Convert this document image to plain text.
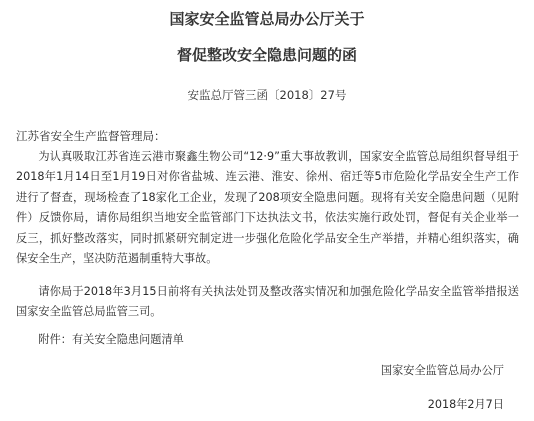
国家安全监管总局办公厅关于
督促整改安全隐患问题的函
安监总厅管三函〔2018〕27号
江苏省安全生产监督管理局：
为认真吸取江苏省连云港市聚鑫生物公司“12·9”重大事故教训，国家安全监管总局组织督导组于2018年1月14日至1月19日对你省盐城、连云港、淮安、徐州、宿迁等5市危险化学品安全生产工作进行了督查，现场检查了18家化工企业，发现了208项安全隐患问题。现将有关安全隐患问题（见附件）反馈你局，请你局组织当地安全监管部门下达执法文书，依法实施行政处罚，督促有关企业举一反三，抓好整改落实，同时抓紧研究制定进一步强化危险化学品安全生产举措，并精心组织落实，确保安全生产，坚决防范遏制重特大事故。
请你局于2018年3月15日前将有关执法处罚及整改落实情况和加强危险化学品安全监管举措报送国家安全监管总局监管三司。
附件：有关安全隐患问题清单
国家安全监管总局办公厅
2018年2月7日
